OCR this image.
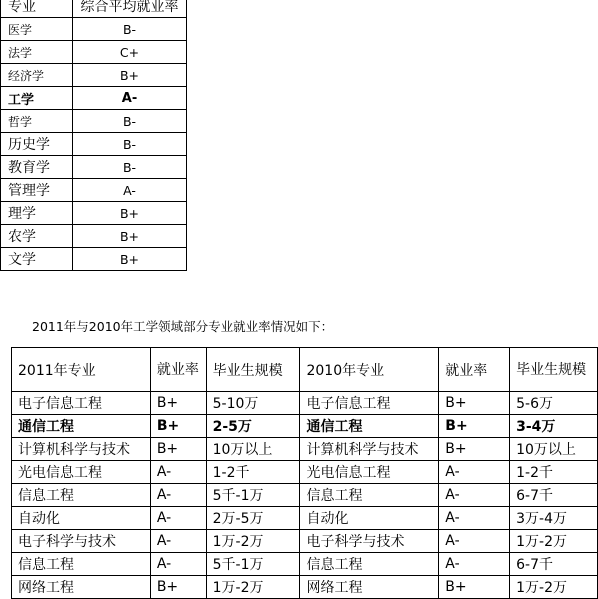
专业	综合平均就业率
医学	B-
法学	C+
经济学	B+
工学	A-
哲学	B-
历史学	B-
教育学	B-
管理学	A-
理学	B+
农学	B+
文学	B+
2011年与2010年工学领域部分专业就业率情况如下：
2011年专业	就业率	毕业生规模	2010年专业	就业率	毕业生规模
电子信息工程	B+	5-10万	电子信息工程	B+	5-6万
通信工程	B+	2-5万	通信工程	B+	3-4万
计算机科学与技术	B+	10万以上	计算机科学与技术	B+	10万以上
光电信息工程	A-	1-2千	光电信息工程	A-	1-2千
信息工程	A-	5千-1万	信息工程	A-	6-7千
自动化	A-	2万-5万	自动化	A-	3万-4万
电子科学与技术	A-	1万-2万	电子科学与技术	A-	1万-2万
信息工程	A-	5千-1万	信息工程	A-	6-7千
网络工程	B+	1万-2万	网络工程	B+	1万-2万
